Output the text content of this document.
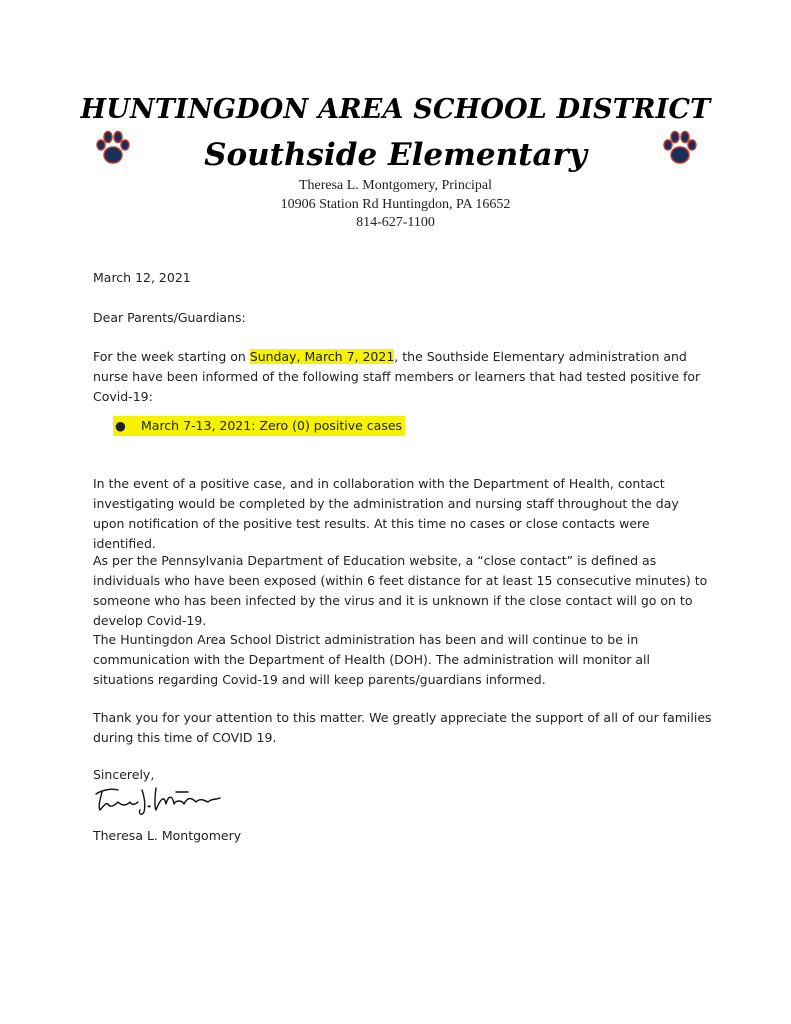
HUNTINGDON AREA SCHOOL DISTRICT
Southside Elementary
Theresa L. Montgomery, Principal
10906 Station Rd Huntingdon, PA 16652
814-627-1100
March 12, 2021
Dear Parents/Guardians:
For the week starting on Sunday, March 7, 2021, the Southside Elementary administration and nurse have been informed of the following staff members or learners that had tested positive for Covid-19:
● March 7-13, 2021: Zero (0) positive cases
In the event of a positive case, and in collaboration with the Department of Health, contact investigating would be completed by the administration and nursing staff throughout the day upon notification of the positive test results. At this time no cases or close contacts were identified.
As per the Pennsylvania Department of Education website, a “close contact” is defined as individuals who have been exposed (within 6 feet distance for at least 15 consecutive minutes) to someone who has been infected by the virus and it is unknown if the close contact will go on to develop Covid-19.
The Huntingdon Area School District administration has been and will continue to be in communication with the Department of Health (DOH). The administration will monitor all situations regarding Covid-19 and will keep parents/guardians informed.
Thank you for your attention to this matter. We greatly appreciate the support of all of our families during this time of COVID 19.
Sincerely,
Theresa L. Montgomery
